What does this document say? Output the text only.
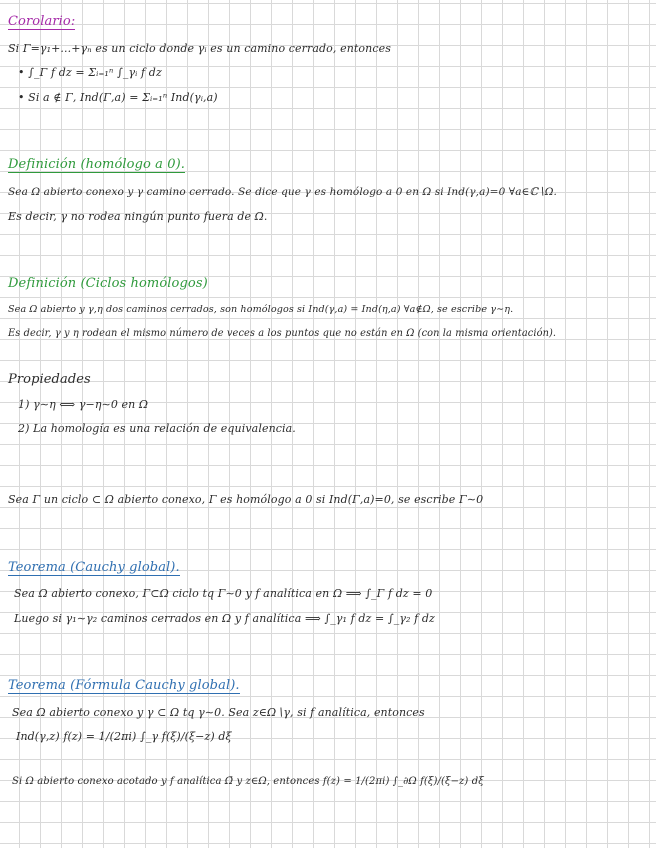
Corolario:
Si Γ=γ₁+...+γₙ es un ciclo donde γᵢ es un camino cerrado, entonces
• ∫_Γ f dz = Σᵢ₌₁ⁿ ∫_γᵢ f dz
• Si a ∉ Γ, Ind(Γ,a) = Σᵢ₌₁ⁿ Ind(γᵢ,a)
Definición (homólogo a 0).
Sea Ω abierto conexo y γ camino cerrado. Se dice que γ es homólogo a 0 en Ω si Ind(γ,a)=0 ∀a∈ℂ∖Ω.
Es decir, γ no rodea ningún punto fuera de Ω.
Definición (Ciclos homólogos)
Sea Ω abierto y γ,η dos caminos cerrados, son homólogos si Ind(γ,a) = Ind(η,a) ∀a∉Ω, se escribe γ∼η.
Es decir, γ y η rodean el mismo número de veces a los puntos que no están en Ω (con la misma orientación).
Propiedades
1) γ∼η ⟺ γ−η∼0 en Ω
2) La homología es una relación de equivalencia.
Sea Γ un ciclo ⊂ Ω abierto conexo, Γ es homólogo a 0 si Ind(Γ,a)=0, se escribe Γ∼0
Teorema (Cauchy global).
Sea Ω abierto conexo, Γ⊂Ω ciclo tq Γ∼0 y f analítica en Ω ⟹ ∫_Γ f dz = 0
Luego si γ₁∼γ₂ caminos cerrados en Ω y f analítica ⟹ ∫_γ₁ f dz = ∫_γ₂ f dz
Teorema (Fórmula Cauchy global).
Sea Ω abierto conexo y γ ⊂ Ω tq γ∼0. Sea z∈Ω∖γ, si f analítica, entonces
Ind(γ,z) f(z) = 1/(2πi) ∫_γ f(ξ)/(ξ−z) dξ
Si Ω abierto conexo acotado y f analítica Ω̄ y z∈Ω, entonces f(z) = 1/(2πi) ∫_∂Ω f(ξ)/(ξ−z) dξ
